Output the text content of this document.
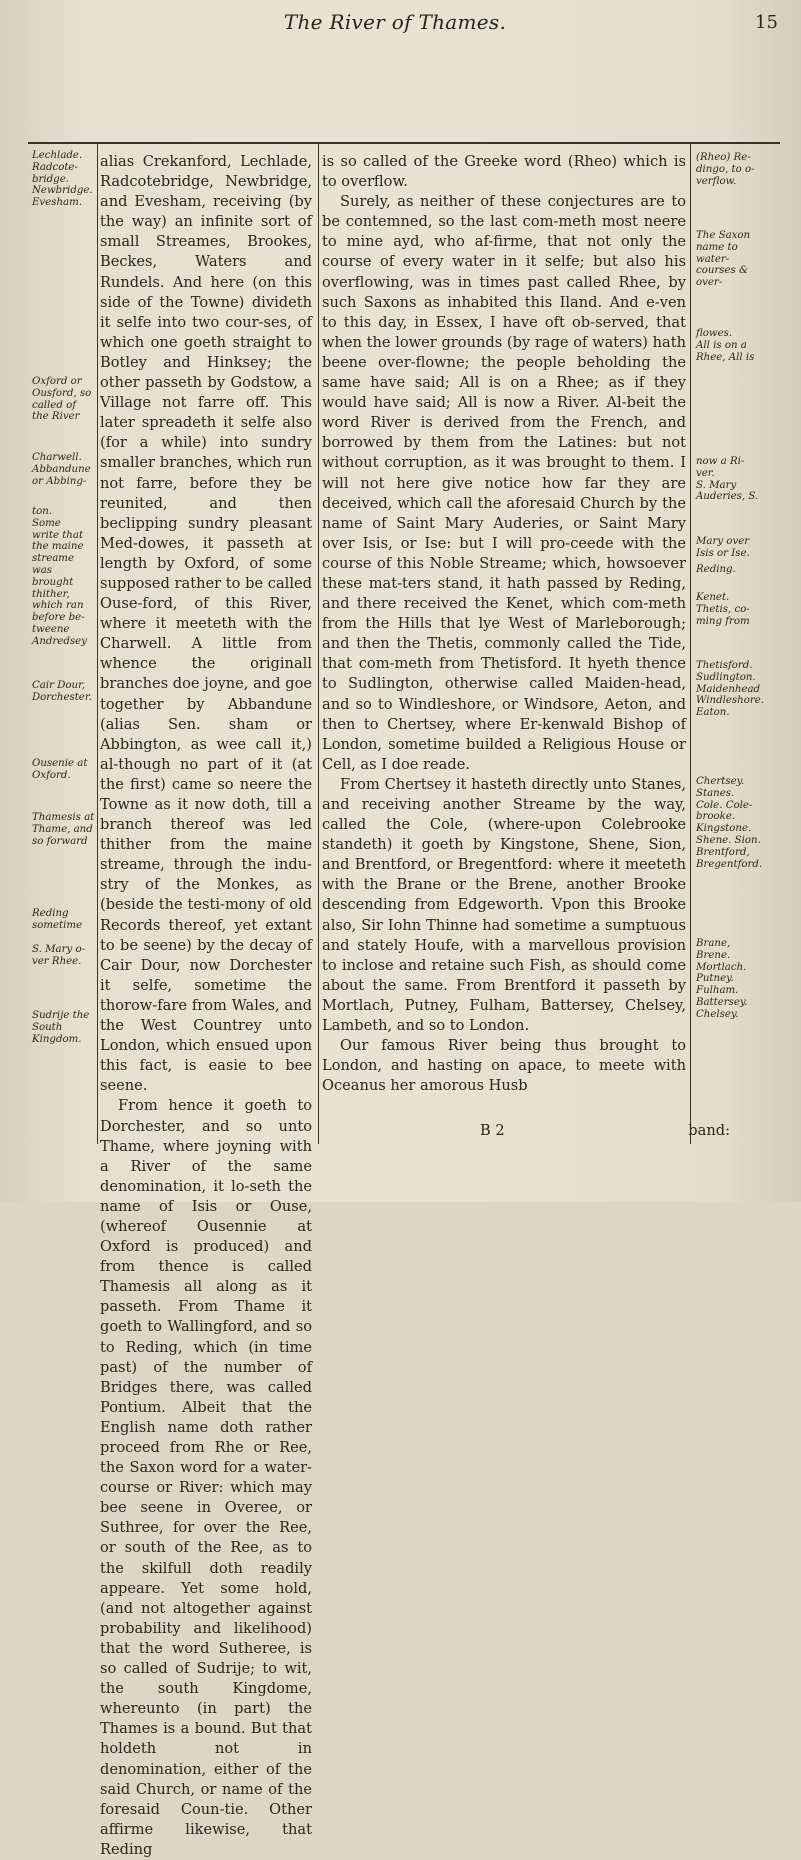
The River of Thames.	15
Lechlade.
Radcote-
bridge.
Newbridge.
Evesham.
Oxford or
Ousford, so
called of
the River
Charwell.
Abbandune
or Abbing-
ton.
Some
write that
the maine
streame
was
brought
thither,
which ran
before be-
tweene
Andredsey
Cair Dour,
Dorchester.
Ousenie at
Oxford.
Thamesis at
Thame, and
so forward
Reding
sometime
S. Mary o-
ver Rhee.
Sudrije the
South
Kingdom.

alias Crekanford, Lechlade, Radcotebridge, Newbridge, and Evesham, receiving (by the way) an infinite sort of small Streames, Brookes, Beckes, Waters and Rundels. And here (on this side of the Towne) divideth it selfe into two cour-ses, of which one goeth straight to Botley and Hinksey; the other passeth by Godstow, a Village not farre off. This later spreadeth it selfe also (for a while) into sundry smaller branches, which run not farre, before they be reunited, and then beclipping sundry pleasant Med-dowes, it passeth at length by Oxford, of some supposed rather to be called Ouse-ford, of this River, where it meeteth with the Charwell. A little from whence the originall branches doe joyne, and goe together by Abbandune (alias Sen. sham or Abbington, as wee call it,) al-though no part of it (at the first) came so neere the Towne as it now doth, till a branch thereof was led thither from the maine streame, through the indu-stry of the Monkes, as (beside the testi-mony of old Records thereof, yet extant to be seene) by the decay of Cair Dour, now Dorchester it selfe, sometime the thorow-fare from Wales, and the West Countrey unto London, which ensued upon this fact, is easie to bee seene.

From hence it goeth to Dorchester, and so unto Thame, where joyning with a River of the same denomination, it lo-seth the name of Isis or Ouse, (whereof Ousennie at Oxford is produced) and from thence is called Thamesis all along as it passeth. From Thame it goeth to Wallingford, and so to Reding, which (in time past) of the number of Bridges there, was called Pontium. Albeit that the English name doth rather proceed from Rhe or Ree, the Saxon word for a water-course or River: which may bee seene in Overee, or Suthree, for over the Ree, or south of the Ree, as to the skilfull doth readily appeare. Yet some hold, (and not altogether against probability and likelihood) that the word Sutheree, is so called of Sudrije; to wit, the south Kingdome, whereunto (in part) the Thames is a bound. But that holdeth not in denomination, either of the said Church, or name of the foresaid Coun-tie. Other affirme likewise, that Reding

is so called of the Greeke word (Rheo) which is to overflow.

Surely, as neither of these conjectures are to be contemned, so the last com-meth most neere to mine ayd, who af-firme, that not only the course of every water in it selfe; but also his overflowing, was in times past called Rhee, by such Saxons as inhabited this Iland. And e-ven to this day, in Essex, I have oft ob-served, that when the lower grounds (by rage of waters) hath beene over-flowne; the people beholding the same have said; All is on a Rhee; as if they would have said; All is now a River. Al-beit the word River is derived from the French, and borrowed by them from the Latines: but not without corruption, as it was brought to them. I will not here give notice how far they are deceived, which call the aforesaid Church by the name of Saint Mary Auderies, or Saint Mary over Isis, or Ise: but I will pro-ceede with the course of this Noble Streame; which, howsoever these mat-ters stand, it hath passed by Reding, and there received the Kenet, which com-meth from the Hills that lye West of Marleborough; and then the Thetis, commonly called the Tide, that com-meth from Thetisford. It hyeth thence to Sudlington, otherwise called Maiden-head, and so to Windleshore, or Windsore, Aeton, and then to Chertsey, where Er-kenwald Bishop of London, sometime builded a Religious House or Cell, as I doe reade.

From Chertsey it hasteth directly unto Stanes, and receiving another Streame by the way, called the Cole, (where-upon Colebrooke standeth) it goeth by Kingstone, Shene, Sion, and Brentford, or Bregentford: where it meeteth with the Brane or the Brene, another Brooke descending from Edgeworth. Vpon this Brooke also, Sir Iohn Thinne had sometime a sumptuous and stately Houfe, with a marvellous provision to inclose and retaine such Fish, as should come about the same. From Brentford it passeth by Mortlach, Putney, Fulham, Battersey, Chelsey, Lambeth, and so to London.

Our famous River being thus brought to London, and hasting on apace, to meete with Oceanus her amorous Husb

(Rheo) Re-
dingo, to o-
verflow.
The Saxon
name to
water-
courses &
over-
flowes.
All is on a
Rhee, All is
now a Ri-
ver.
S. Mary
Auderies, S.
Mary over Isis or Ise.
Reding.
Kenet.
Thetis, co-
ming from
Thetisford.
Sudlington.
Maidenhead
Windleshore.
Eaton.
Chertsey.
Stanes.
Cole. Cole-
brooke.
Kingstone.
Shene. Sion.
Brentford,
Bregentford.
Brane,
Brene.
Mortlach.
Putney.
Fulham.
Battersey.
Chelsey.
B 2	band:
